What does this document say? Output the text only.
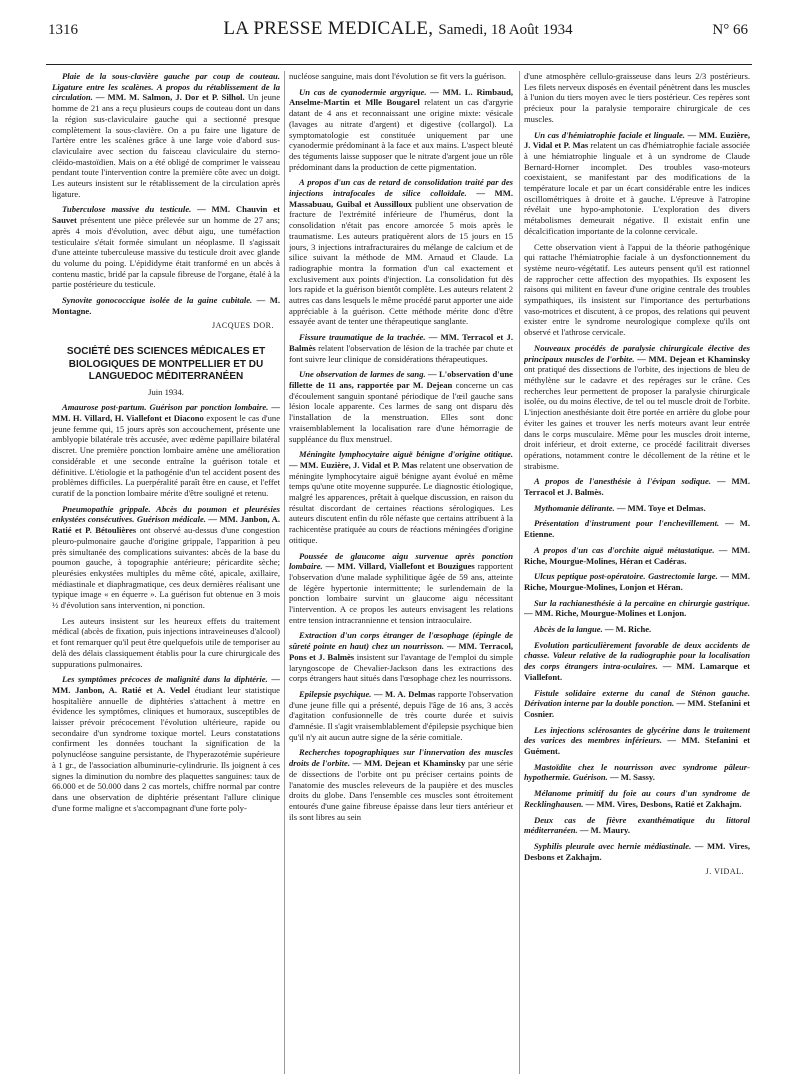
1316	LA PRESSE MEDICALE, Samedi, 18 Août 1934	N° 66

Plaie de la sous-clavière gauche par coup de couteau. Ligature entre les scalènes. A propos du rétablissement de la circulation. — MM. M. Salmon, J. Dor et P. Silhol. Un jeune homme de 21 ans a reçu plusieurs coups de couteau dont un dans la région sus-claviculaire gauche qui a sectionné presque complètement la sous-clavière. On a pu faire une ligature de l'artère entre les scalènes grâce à une large voie d'abord sus-claviculaire avec section du faisceau claviculaire du sterno-cléido-mastoïdien. Mais on a été obligé de comprimer le vaisseau pendant toute l'intervention contre la première côte avec un doigt. Les auteurs insistent sur le rétablissement de la circulation après ligature.

Tuberculose massive du testicule. — MM. Chauvin et Sauvet présentent une pièce prélevée sur un homme de 27 ans; après 4 mois d'évolution, avec début aigu, une tuméfaction testiculaire s'était formée simulant un néoplasme. Il s'agissait d'une atteinte tuberculeuse massive du testicule droit avec glande du volume du poing. L'épididyme était tranformé en un abcès à contenu mastic, bridé par la capsule fibreuse de l'organe, étalé à la partie postérieure du testicule.

Synovite gonococcique isolée de la gaine cubitale. — M. Montagne.

JACQUES DOR.
SOCIÉTÉ DES SCIENCES MÉDICALES ET BIOLOGIQUES DE MONTPELLIER ET DU LANGUEDOC MÉDITERRANÉEN
Juin 1934.

Amaurose post-partum. Guérison par ponction lombaire. — MM. H. Villard, H. Viallefont et Diacono exposent le cas d'une jeune femme qui, 15 jours après son accouchement, présente une amblyopie bilatérale très accusée, avec œdème papillaire bilatéral discret. Une première ponction lombaire amène une amélioration considérable et une seconde entraîne la guérison totale et définitive. L'étiologie et la pathogénie d'un tel accident posent des problèmes difficiles. La puerpéralité paraît être en cause, et l'effet curatif de la ponction lombaire mérite d'être souligné et retenu.

Pneumopathie grippale. Abcès du poumon et pleurésies enkystées consécutives. Guérison médicale. — MM. Janbon, A. Ratié et P. Bétoulières ont observé au-dessus d'une congestion pleuro-pulmonaire gauche d'origine grippale, l'apparition à peu près simultanée des complications suivantes: abcès de la base du poumon gauche, à topographie antérieure; péricardite sèche; pleurésies enkystées multiples du même côté, apicale, axillaire, médiastinale et diaphragmatique, ces deux dernières réalisant une typique image « en équerre ». La guérison fut obtenue en 3 mois ½ d'évolution sans intervention, ni ponction.

Les auteurs insistent sur les heureux effets du traitement médical (abcès de fixation, puis injections intraveineuses d'alcool) et font remarquer qu'il peut être quelquefois utile de temporiser au delà des délais classiquement établis pour la cure chirurgicale des suppurations pulmonaires.

Les symptômes précoces de malignité dans la diphtérie. — MM. Janbon, A. Ratié et A. Vedel étudiant leur statistique hospitalière annuelle de diphtéries s'attachent à mettre en évidence les symptômes, cliniques et humoraux, susceptibles de laisser prévoir précocement l'évolution ultérieure, rapide ou secondaire d'un syndrome toxique mortel. Leurs constatations confirment les données touchant la signification de la polynucléose sanguine persistante, de l'hyperazotémie supérieure à 1 gr., de l'association albuminurie-cylindrurie. Ils joignent à ces signes la diminution du nombre des plaquettes sanguines: taux de 66.000 et de 50.000 dans 2 cas mortels, chiffre normal par contre dans une observation de diphtérie présentant l'allure clinique d'une forme maligne et s'accompagnant d'une forte poly-

nucléose sanguine, mais dont l'évolution se fit vers la guérison.

Un cas de cyanodermie argyrique. — MM. L. Rimbaud, Anselme-Martin et Mlle Bougarel relatent un cas d'argyrie datant de 4 ans et reconnaissant une origine mixte: vésicale (lavages au nitrate d'argent) et digestive (collargol). La symptomatologie est constituée uniquement par une cyanodermie prédominant à la face et aux mains. L'aspect bleuté des téguments laisse supposer que le nitrate d'argent joue un rôle prédominant dans la production de cette pigmentation.

A propos d'un cas de retard de consolidation traité par des injections intrafocales de silice colloïdale. — MM. Massabuau, Guibal et Aussilloux publient une observation de fracture de l'extrémité inférieure de l'humérus, dont la consolidation n'était pas encore amorcée 5 mois après le traumatisme. Les auteurs pratiquèrent alors de 15 jours en 15 jours, 3 injections intrafracturaires du mélange de calcium et de silice suivant la méthode de MM. Arnaud et Claude. La radiographie montra la formation d'un cal exactement et exclusivement aux points d'injection. La consolidation fut dès lors rapide et la guérison bientôt complète. Les auteurs relatent 2 autres cas dans lesquels le même procédé parut apporter une aide appréciable à la guérison. Cette méthode mérite donc d'être essayée avant de tenter une thérapeutique sanglante.

Fissure traumatique de la trachée. — MM. Terracol et J. Balmès relatent l'observation de lésion de la trachée par chute et font suivre leur clinique de considérations thérapeutiques.

Une observation de larmes de sang. — L'observation d'une fillette de 11 ans, rapportée par M. Dejean concerne un cas d'écoulement sanguin spontané périodique de l'œil gauche sans lésion locale apparente. Ces larmes de sang ont disparu dès l'installation de la menstruation. Elles sont donc vraisemblablement la localisation rare d'une hémorragie de suppléance du flux menstruel.

Méningite lymphocytaire aiguë bénigne d'origine otitique. — MM. Euzière, J. Vidal et P. Mas relatent une observation de méningite lymphocytaire aiguë bénigne ayant évolué en même temps qu'une otite moyenne suppurée. Le diagnostic étiologique, malgré les apparences, prêtait à quelque discussion, en raison du résultat discordant de certaines réactions sérologiques. Les auteurs discutent enfin du rôle néfaste que certains attribuent à la rachicentèse pratiquée au cours de réactions méningées d'origine otitique.

Poussée de glaucome aigu survenue après ponction lombaire. — MM. Villard, Viallefont et Bouzigues rapportent l'observation d'une malade syphilitique âgée de 59 ans, atteinte de légère hypertonie intermittente; le surlendemain de la ponction lombaire survint un glaucome aigu nécessitant l'intervention. A ce propos les auteurs envisagent les relations entre tension intracrannienne et tension intraoculaire.

Extraction d'un corps étranger de l'œsophage (épingle de sûreté pointe en haut) chez un nourrisson. — MM. Terracol, Pons et J. Balmès insistent sur l'avantage de l'emploi du simple laryngoscope de Chevalier-Jackson dans les extractions des corps étrangers haut situés dans l'œsophage chez les nourrissons.

Epilepsie psychique. — M. A. Delmas rapporte l'observation d'une jeune fille qui a présenté, depuis l'âge de 16 ans, 3 accès d'agitation confusionnelle de très courte durée et suivis d'amnésie. Il s'agit vraisemblablement d'épilepsie psychique bien qu'il n'y ait aucun autre signe de la série comitiale.

Recherches topographiques sur l'innervation des muscles droits de l'orbite. — MM. Dejean et Khaminsky par une série de dissections de l'orbite ont pu préciser certains points de l'anatomie des muscles releveurs de la paupière et des muscles droits du globe. Dans l'ensemble ces muscles sont étroitement entourés d'une gaine fibreuse épaisse dans leur tiers antérieur et ils sont libres au sein

d'une atmosphère cellulo-graisseuse dans leurs 2/3 postérieurs. Les filets nerveux disposés en éventail pénètrent dans les muscles à l'union du tiers moyen avec le tiers postérieur. Ces repères sont précieux pour la paralysie temporaire chirurgicale de ces muscles.

Un cas d'hémiatrophie faciale et linguale. — MM. Euzière, J. Vidal et P. Mas relatent un cas d'hémiatrophie faciale associée à une hémiatrophie linguale et à un syndrome de Claude Bernard-Horner incomplet. Des troubles vaso-moteurs coexistaient, se manifestant par des modifications de la température locale et par un écart considérable entre les indices oscillométriques à droite et à gauche. L'épreuve à l'atropine révélait une hypo-amphotonie. L'exploration des divers métabolismes demeurait négative. Il existait enfin une décalcification importante de la colonne cervicale.

Cette observation vient à l'appui de la théorie pathogénique qui rattache l'hémiatrophie faciale à un dysfonctionnement du système neuro-végétatif. Les auteurs pensent qu'il est rationnel de rapprocher cette affection des myopathies. Ils exposent les raisons qui militent en faveur d'une origine centrale des troubles sympathiques, ils insistent sur l'importance des perturbations vaso-motrices et discutent, à ce propos, des relations qui peuvent exister entre le syndrome neurologique complexe qu'ils ont observé et l'athrose cervicale.

Nouveaux procédés de paralysie chirurgicale élective des principaux muscles de l'orbite. — MM. Dejean et Khaminsky ont pratiqué des dissections de l'orbite, des injections de bleu de méthylène sur le cadavre et des repérages sur le crâne. Ces recherches leur permettent de proposer la paralysie chirurgicale isolée, ou du moins élective, de tel ou tel muscle droit de l'orbite. L'injection anesthésiante doit être portée en arrière du globe pour éviter les gaines et trouver les nerfs moteurs avant leur entrée dans le corps musculaire. Même pour les muscles droit interne, droit inférieur, et droit externe, ce procédé facilitrait diverses opérations, notamment contre le décollement de la rétine et le strabisme.

A propos de l'anesthésie à l'évipan sodique. — MM. Terracol et J. Balmès.

Mythomanie délirante. — MM. Toye et Delmas.

Présentation d'instrument pour l'enchevillement. — M. Etienne.

A propos d'un cas d'orchite aiguë métastatique. — MM. Riche, Mourgue-Molines, Héran et Cadéras.

Ulcus peptique post-opératoire. Gastrectomie large. — MM. Riche, Mourgue-Molines, Lonjon et Héran.

Sur la rachianesthésie à la percaïne en chirurgie gastrique. — MM. Riche, Mourgue-Molines et Lonjon.

Abcès de la langue. — M. Riche.

Evolution particulièrement favorable de deux accidents de chasse. Valeur relative de la radiographie pour la localisation des corps étrangers intra-oculaires. — MM. Lamarque et Viallefont.

Fistule solidaire externe du canal de Sténon gauche. Dérivation interne par la double ponction. — MM. Stefanini et Cosnier.

Les injections sclérosantes de glycérine dans le traitement des varices des membres inférieurs. — MM. Stefanini et Guément.

Mastoïdite chez le nourrisson avec syndrome pâleur-hypothermie. Guérison. — M. Sassy.

Mélanome primitif du foie au cours d'un syndrome de Recklinghausen. — MM. Vires, Desbons, Ratié et Zakhajm.

Deux cas de fièvre exanthématique du littoral méditerranéen. — M. Maury.

Syphilis pleurale avec hernie médiastinale. — MM. Vires, Desbons et Zakhajm.

J. VIDAL.
